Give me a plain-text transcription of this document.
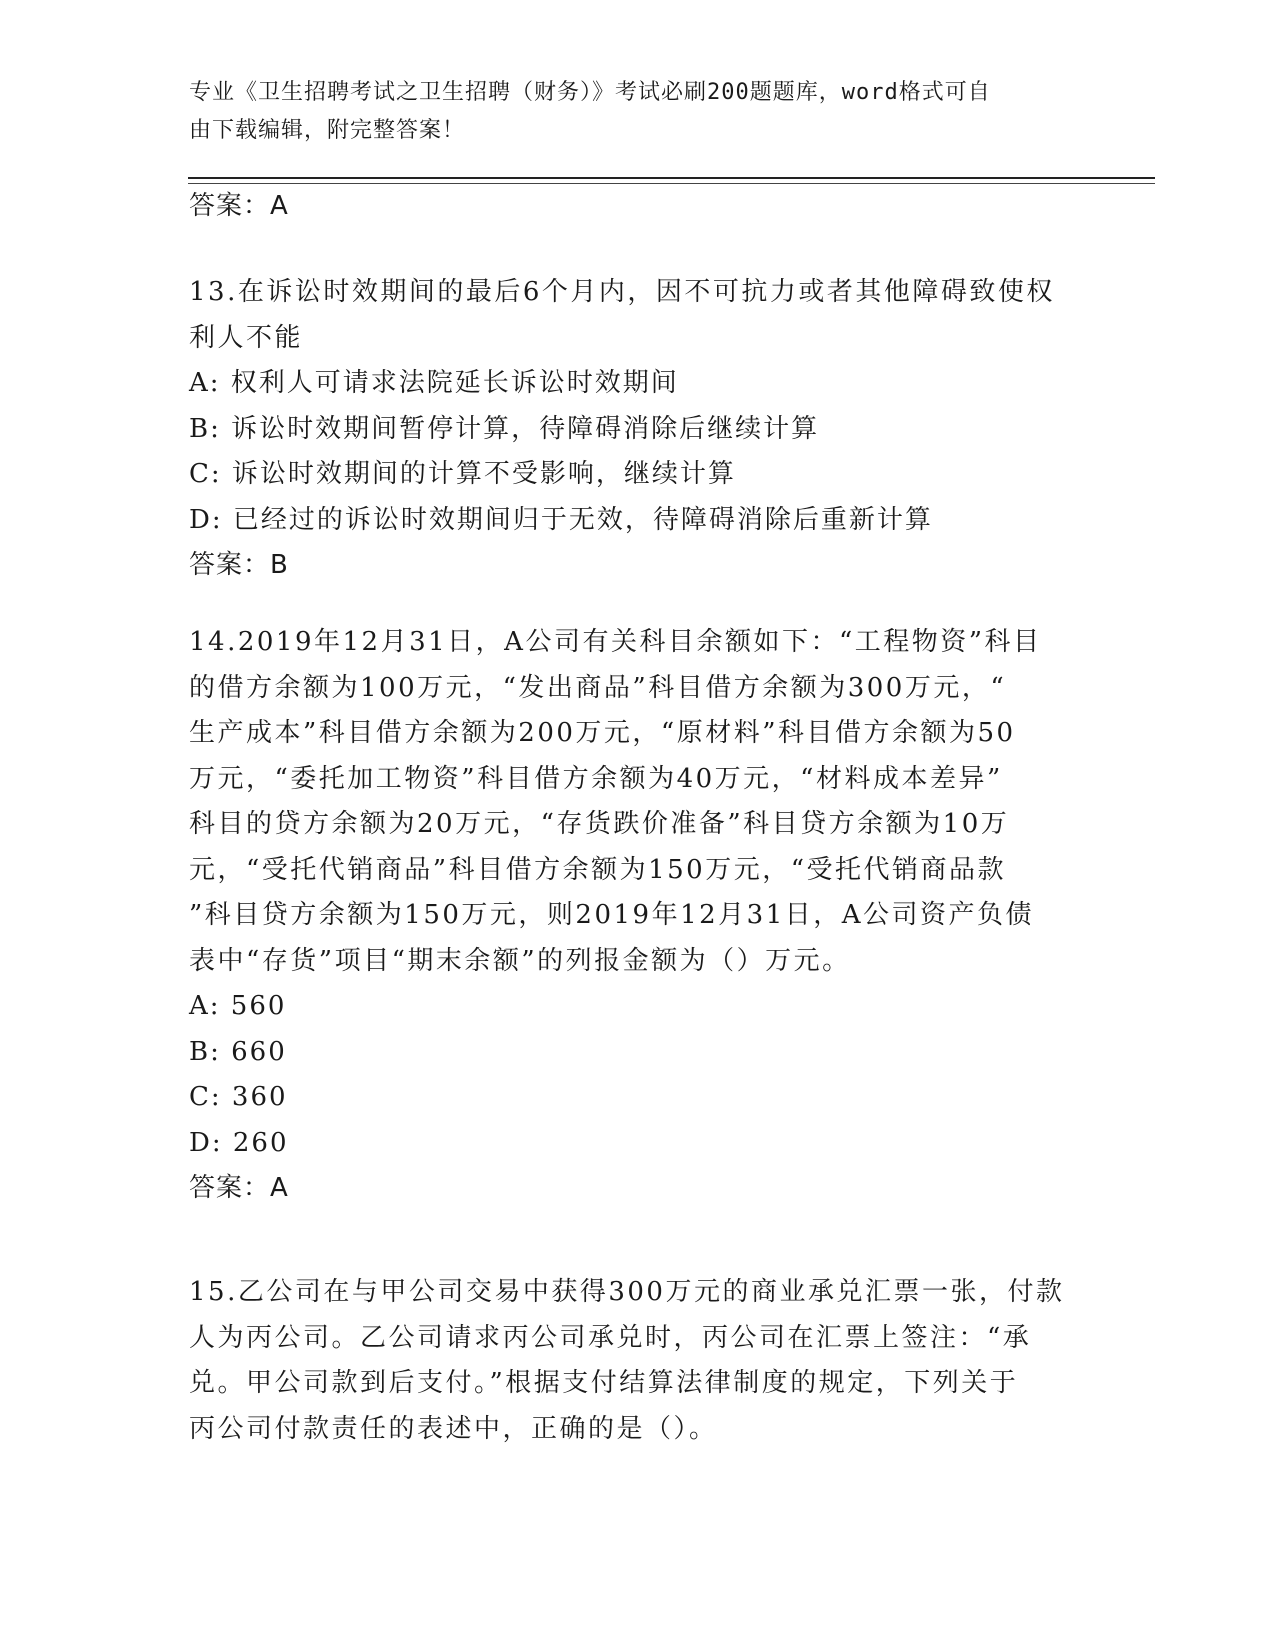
专业《卫生招聘考试之卫生招聘（财务）》考试必刷200题题库，word格式可自
由下载编辑，附完整答案！
答案：A
13.在诉讼时效期间的最后6个月内，因不可抗力或者其他障碍致使权
利人不能
A: 权利人可请求法院延长诉讼时效期间
B: 诉讼时效期间暂停计算，待障碍消除后继续计算
C: 诉讼时效期间的计算不受影响，继续计算
D: 已经过的诉讼时效期间归于无效，待障碍消除后重新计算
答案：B
14.2019年12月31日，A公司有关科目余额如下：“工程物资”科目
的借方余额为100万元，“发出商品”科目借方余额为300万元，“
生产成本”科目借方余额为200万元，“原材料”科目借方余额为50
万元，“委托加工物资”科目借方余额为40万元，“材料成本差异”
科目的贷方余额为20万元，“存货跌价准备”科目贷方余额为10万
元，“受托代销商品”科目借方余额为150万元，“受托代销商品款
”科目贷方余额为150万元，则2019年12月31日，A公司资产负债
表中“存货”项目“期末余额”的列报金额为（）万元。
A: 560
B: 660
C: 360
D: 260
答案：A
15.乙公司在与甲公司交易中获得300万元的商业承兑汇票一张，付款
人为丙公司。乙公司请求丙公司承兑时，丙公司在汇票上签注：“承
兑。甲公司款到后支付。”根据支付结算法律制度的规定，下列关于
丙公司付款责任的表述中，正确的是（）。
